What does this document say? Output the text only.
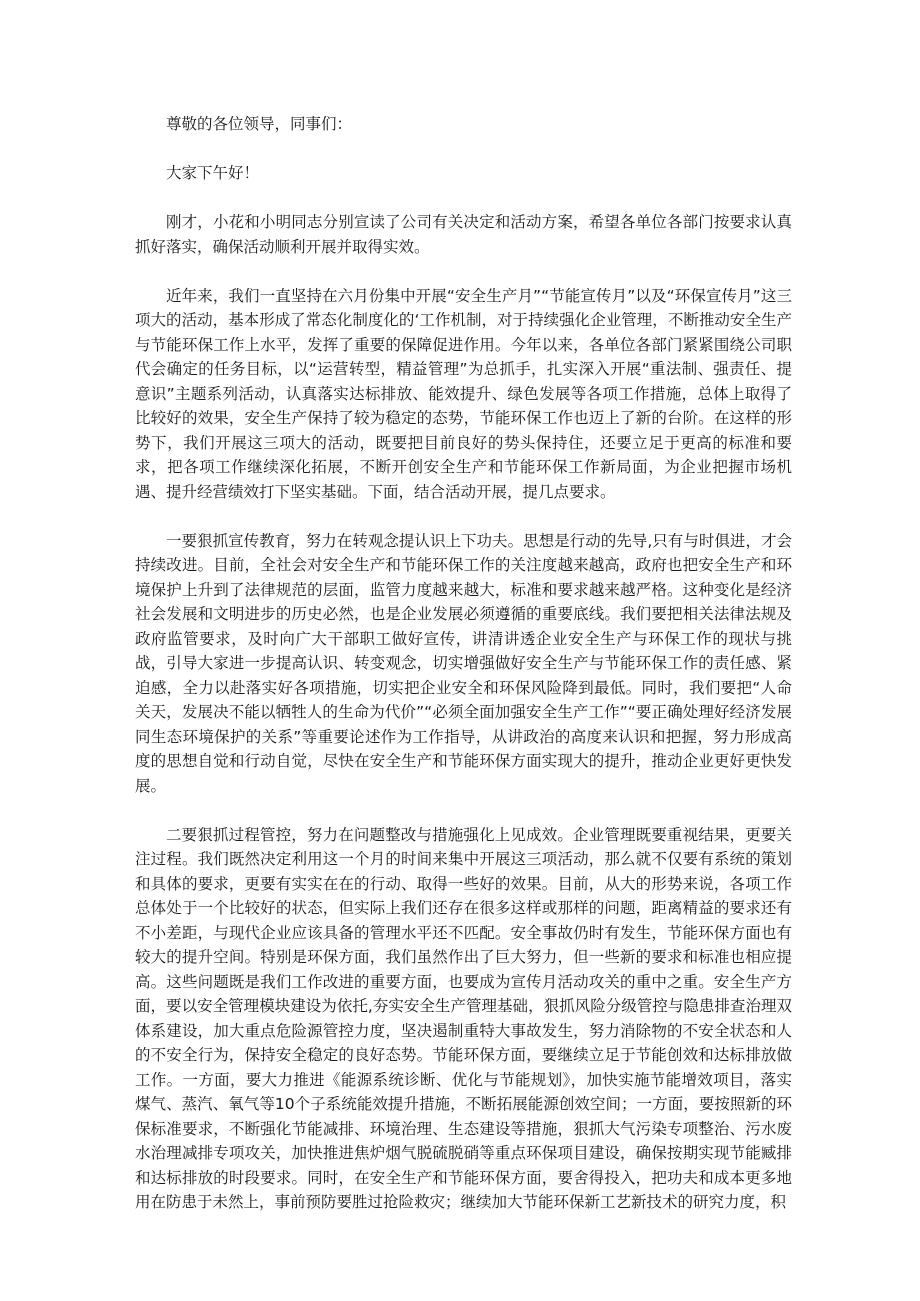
尊敬的各位领导，同事们：

大家下午好！

刚才，小花和小明同志分别宣读了公司有关决定和活动方案，希望各单位各部门按要求认真抓好落实，确保活动顺利开展并取得实效。

近年来，我们一直坚持在六月份集中开展“安全生产月”“节能宣传月”以及“环保宣传月”这三项大的活动，基本形成了常态化制度化的‘工作机制，对于持续强化企业管理，不断推动安全生产与节能环保工作上水平，发挥了重要的保障促进作用。今年以来，各单位各部门紧紧围绕公司职代会确定的任务目标，以“运营转型，精益管理”为总抓手，扎实深入开展“重法制、强责任、提意识”主题系列活动，认真落实达标排放、能效提升、绿色发展等各项工作措施，总体上取得了比较好的效果，安全生产保持了较为稳定的态势，节能环保工作也迈上了新的台阶。在这样的形势下，我们开展这三项大的活动，既要把目前良好的势头保持住，还要立足于更高的标准和要求，把各项工作继续深化拓展，不断开创安全生产和节能环保工作新局面，为企业把握市场机遇、提升经营绩效打下坚实基础。下面，结合活动开展，提几点要求。

一要狠抓宣传教育，努力在转观念提认识上下功夫。思想是行动的先导,只有与时俱进，才会持续改进。目前，全社会对安全生产和节能环保工作的关注度越来越高，政府也把安全生产和环境保护上升到了法律规范的层面，监管力度越来越大，标准和要求越来越严格。这种变化是经济社会发展和文明进步的历史必然，也是企业发展必须遵循的重要底线。我们要把相关法律法规及政府监管要求，及时向广大干部职工做好宣传，讲清讲透企业安全生产与环保工作的现状与挑战，引导大家进一步提高认识、转变观念，切实增强做好安全生产与节能环保工作的责任感、紧迫感，全力以赴落实好各项措施，切实把企业安全和环保风险降到最低。同时，我们要把“人命关天，发展决不能以牺牲人的生命为代价”“必须全面加强安全生产工作”“要正确处理好经济发展同生态环境保护的关系”等重要论述作为工作指导，从讲政治的高度来认识和把握，努力形成高度的思想自觉和行动自觉，尽快在安全生产和节能环保方面实现大的提升，推动企业更好更快发展。

二要狠抓过程管控，努力在问题整改与措施强化上见成效。企业管理既要重视结果，更要关注过程。我们既然决定利用这一个月的时间来集中开展这三项活动，那么就不仅要有系统的策划和具体的要求，更要有实实在在的行动、取得一些好的效果。目前，从大的形势来说，各项工作总体处于一个比较好的状态，但实际上我们还存在很多这样或那样的问题，距离精益的要求还有不小差距，与现代企业应该具备的管理水平还不匹配。安全事故仍时有发生，节能环保方面也有较大的提升空间。特别是环保方面，我们虽然作出了巨大努力，但一些新的要求和标准也相应提高。这些问题既是我们工作改进的重要方面，也要成为宣传月活动攻关的重中之重。安全生产方面，要以安全管理模块建设为依托,夯实安全生产管理基础，狠抓风险分级管控与隐患排查治理双体系建设，加大重点危险源管控力度，坚决遏制重特大事故发生，努力消除物的不安全状态和人的不安全行为，保持安全稳定的良好态势。节能环保方面，要继续立足于节能创效和达标排放做工作。一方面，要大力推进《能源系统诊断、优化与节能规划》，加快实施节能增效项目，落实煤气、蒸汽、氧气等10个子系统能效提升措施，不断拓展能源创效空间；一方面，要按照新的环保标准要求，不断强化节能减排、环境治理、生态建设等措施，狠抓大气污染专项整治、污水废水治理减排专项攻关，加快推进焦炉烟气脱硫脱硝等重点环保项目建设，确保按期实现节能臧排和达标排放的时段要求。同时，在安全生产和节能环保方面，要舍得投入，把功夫和成本更多地用在防患于未然上，事前预防要胜过抢险救灾；继续加大节能环保新工艺新技术的研究力度，积
